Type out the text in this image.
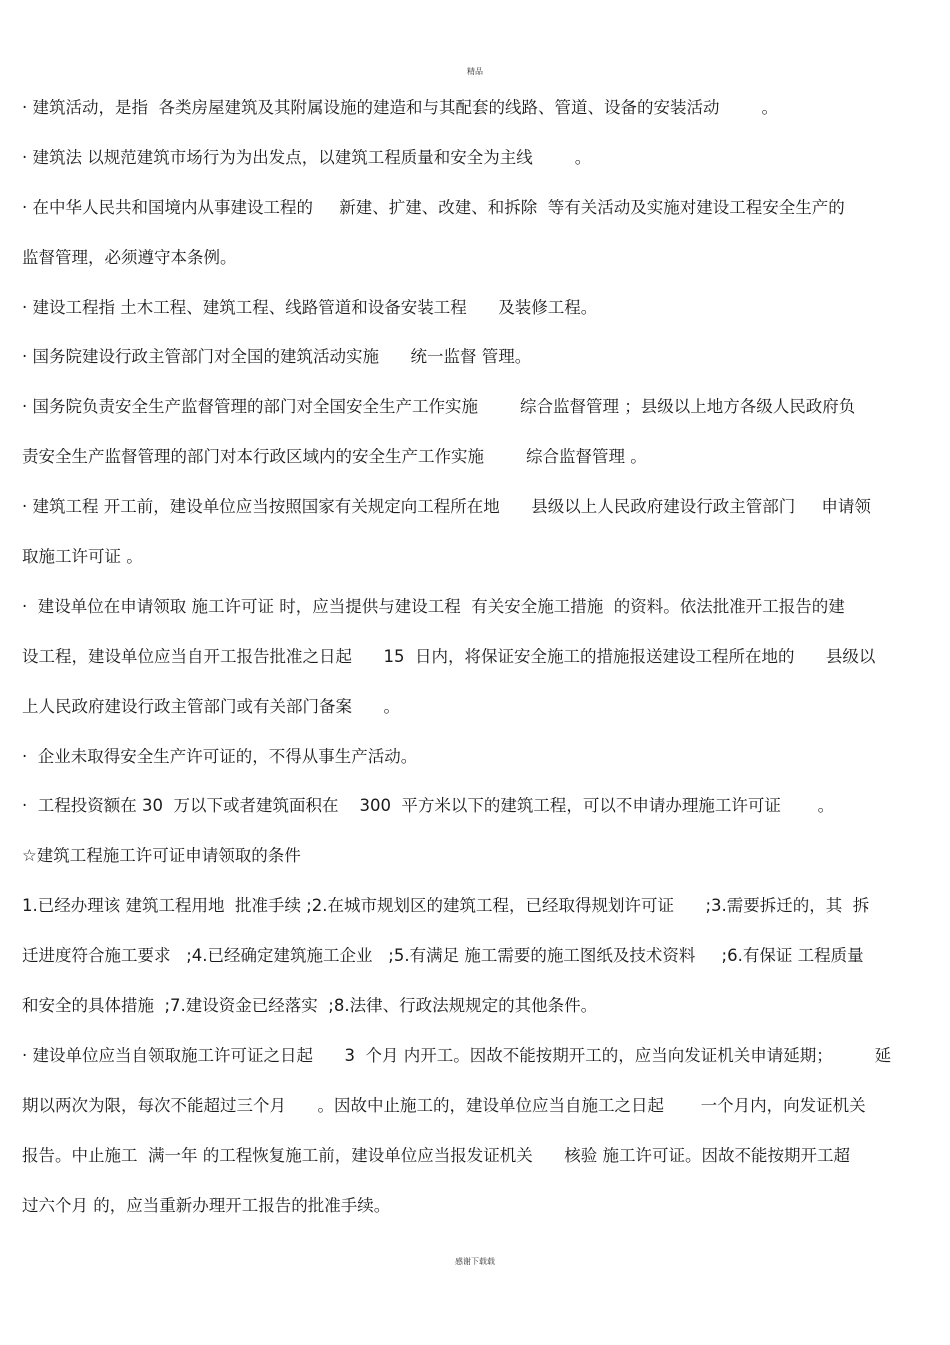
精品
· 建筑活动，是指  各类房屋建筑及其附属设施的建造和与其配套的线路、管道、设备的安装活动        。
· 建筑法 以规范建筑市场行为为出发点，以建筑工程质量和安全为主线        。
· 在中华人民共和国境内从事建设工程的     新建、扩建、改建、和拆除  等有关活动及实施对建设工程安全生产的
监督管理，必须遵守本条例。
· 建设工程指 土木工程、建筑工程、线路管道和设备安装工程      及装修工程。
· 国务院建设行政主管部门对全国的建筑活动实施      统一监督 管理。
· 国务院负责安全生产监督管理的部门对全国安全生产工作实施        综合监督管理 ；县级以上地方各级人民政府负
责安全生产监督管理的部门对本行政区域内的安全生产工作实施        综合监督管理 。
· 建筑工程 开工前，建设单位应当按照国家有关规定向工程所在地      县级以上人民政府建设行政主管部门     申请领
取施工许可证 。
·  建设单位在申请领取 施工许可证 时，应当提供与建设工程  有关安全施工措施  的资料。依法批准开工报告的建
设工程，建设单位应当自开工报告批准之日起      15  日内，将保证安全施工的措施报送建设工程所在地的      县级以
上人民政府建设行政主管部门或有关部门备案      。
·  企业未取得安全生产许可证的，不得从事生产活动。
·  工程投资额在 30  万以下或者建筑面积在    300  平方米以下的建筑工程，可以不申请办理施工许可证       。
☆建筑工程施工许可证申请领取的条件
1.已经办理该 建筑工程用地  批准手续 ;2.在城市规划区的建筑工程，已经取得规划许可证      ;3.需要拆迁的，其  拆
迁进度符合施工要求   ;4.已经确定建筑施工企业   ;5.有满足 施工需要的施工图纸及技术资料     ;6.有保证 工程质量
和安全的具体措施  ;7.建设资金已经落实  ;8.法律、行政法规规定的其他条件。
· 建设单位应当自领取施工许可证之日起      3  个月 内开工。因故不能按期开工的，应当向发证机关申请延期；        延
期以两次为限，每次不能超过三个月      。因故中止施工的，建设单位应当自施工之日起       一个月内，向发证机关
报告。中止施工  满一年 的工程恢复施工前，建设单位应当报发证机关      核验 施工许可证。因故不能按期开工超
过六个月 的，应当重新办理开工报告的批准手续。
感谢下载载
